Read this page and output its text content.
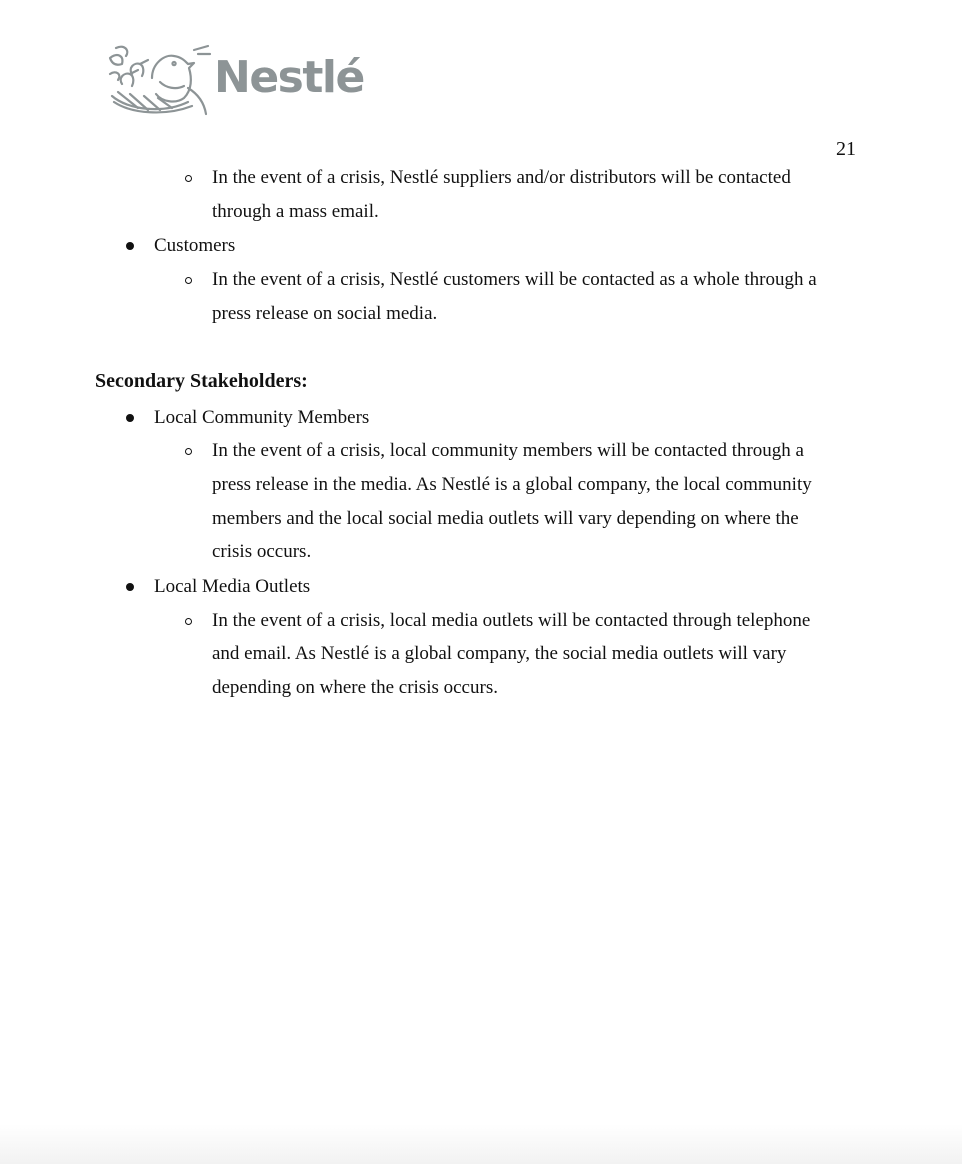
Nestlé
21
In the event of a crisis, Nestlé suppliers and/or distributors will be contacted
through a mass email.
Customers
In the event of a crisis, Nestlé customers will be contacted as a whole through a
press release on social media.
Secondary Stakeholders:
Local Community Members
In the event of a crisis, local community members will be contacted through a
press release in the media. As Nestlé is a global company, the local community
members and the local social media outlets will vary depending on where the
crisis occurs.
Local Media Outlets
In the event of a crisis, local media outlets will be contacted through telephone
and email. As Nestlé is a global company, the social media outlets will vary
depending on where the crisis occurs.
